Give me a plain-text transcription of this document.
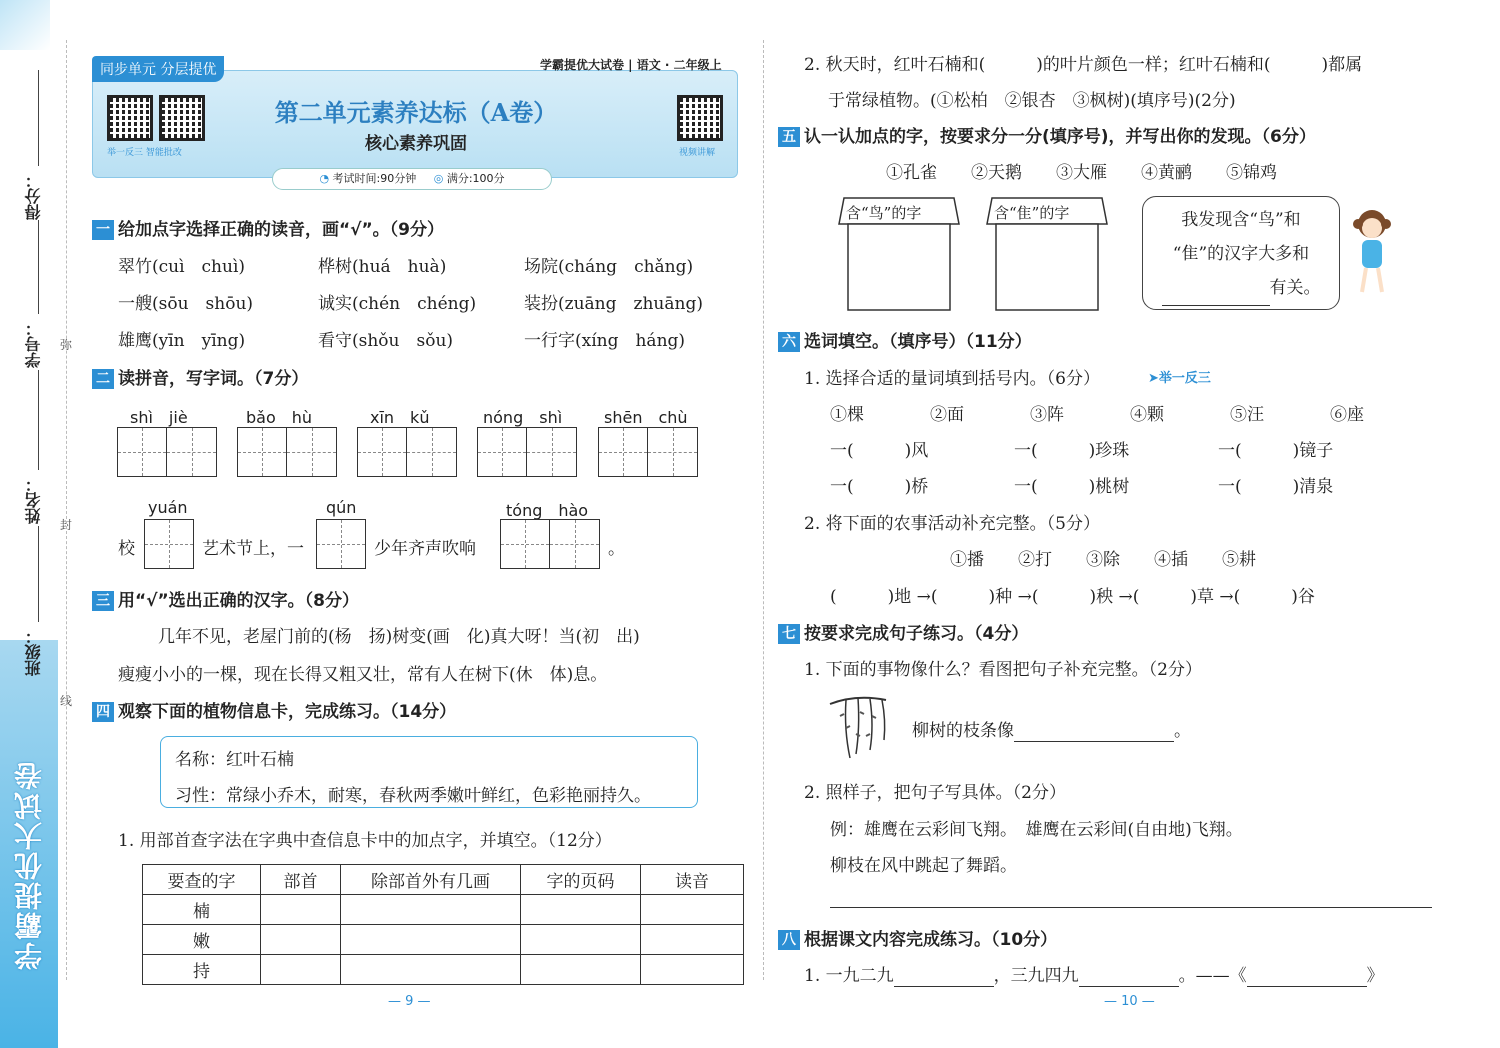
学霸提优大试卷
得分：
学号：
姓名：
班级：
弥
封
线
举一反三 智能批改	视频讲解
第二单元素养达标（A卷）
核心素养巩固
同步单元 分层提优	学霸提优大试卷 | 语文 · 二年级上
◔ 考试时间:90分钟 ◎ 满分:100分
一 给加点字选择正确的读音，画“√”。（9分）
翠竹(cuì　chuì)	桦树(huá　huà)	场院(cháng　chǎng)
一艘(sōu　shōu)	诚实(chén　chéng)	装扮(zuāng　zhuāng)
雄鹰(yīn　yīng)	看守(shǒu　sǒu)	一行字(xíng　háng)
二 读拼音，写字词。（7分）
shì　jiè	bǎo　hù	xīn　kǔ	nóng　shì	shēn　chù
yuán	qún	tóng　hào
校	艺术节上，一	少年齐声吹响	。
三 用“√”选出正确的汉字。（8分）
几年不见，老屋门前的(杨　扬)树变(画　化)真大呀！当(初　出)
瘦瘦小小的一棵，现在长得又粗又壮，常有人在树下(休　体)息。
四 观察下面的植物信息卡，完成练习。（14分）
名称：红叶石楠
习性：常绿小乔木，耐寒，春秋两季嫩叶鲜红，色彩艳丽持久。
1. 用部首查字法在字典中查信息卡中的加点字，并填空。（12分）
要查的字	部首	除部首外有几画	字的页码	读音
楠				
嫩				
持				
— 9 —
2. 秋天时，红叶石楠和(　　　)的叶片颜色一样；红叶石楠和(　　　)都属
于常绿植物。(①松柏　②银杏　③枫树)(填序号)(2分)
五 认一认加点的字，按要求分一分(填序号)，并写出你的发现。（6分）
①孔雀　　②天鹅　　③大雁　　④黄鹂　　⑤锦鸡
含“鸟”的字	含“隹”的字	我发现含“鸟”和
“隹”的汉字大多和
有关。
六 选词填空。（填序号）（11分）
1. 选择合适的量词填到括号内。（6分）	➤举一反三
①棵	②面	③阵	④颗	⑤汪	⑥座
一(　　　)风	一(　　　)珍珠	一(　　　)镜子
一(　　　)桥	一(　　　)桃树	一(　　　)清泉
2. 将下面的农事活动补充完整。（5分）
①播　　②打　　③除　　④插　　⑤耕
(　　　)地 →(　　　)种 →(　　　)秧 →(　　　)草 →(　　　)谷
七 按要求完成句子练习。（4分）
1. 下面的事物像什么？看图把句子补充完整。（2分）
柳树的枝条像	。
2. 照样子，把句子写具体。（2分）
例：雄鹰在云彩间飞翔。　雄鹰在云彩间(自由地)飞翔。
柳枝在风中跳起了舞蹈。
八 根据课文内容完成练习。（10分）
1. 一九二九	，三九四九	。——《	》
— 10 —
